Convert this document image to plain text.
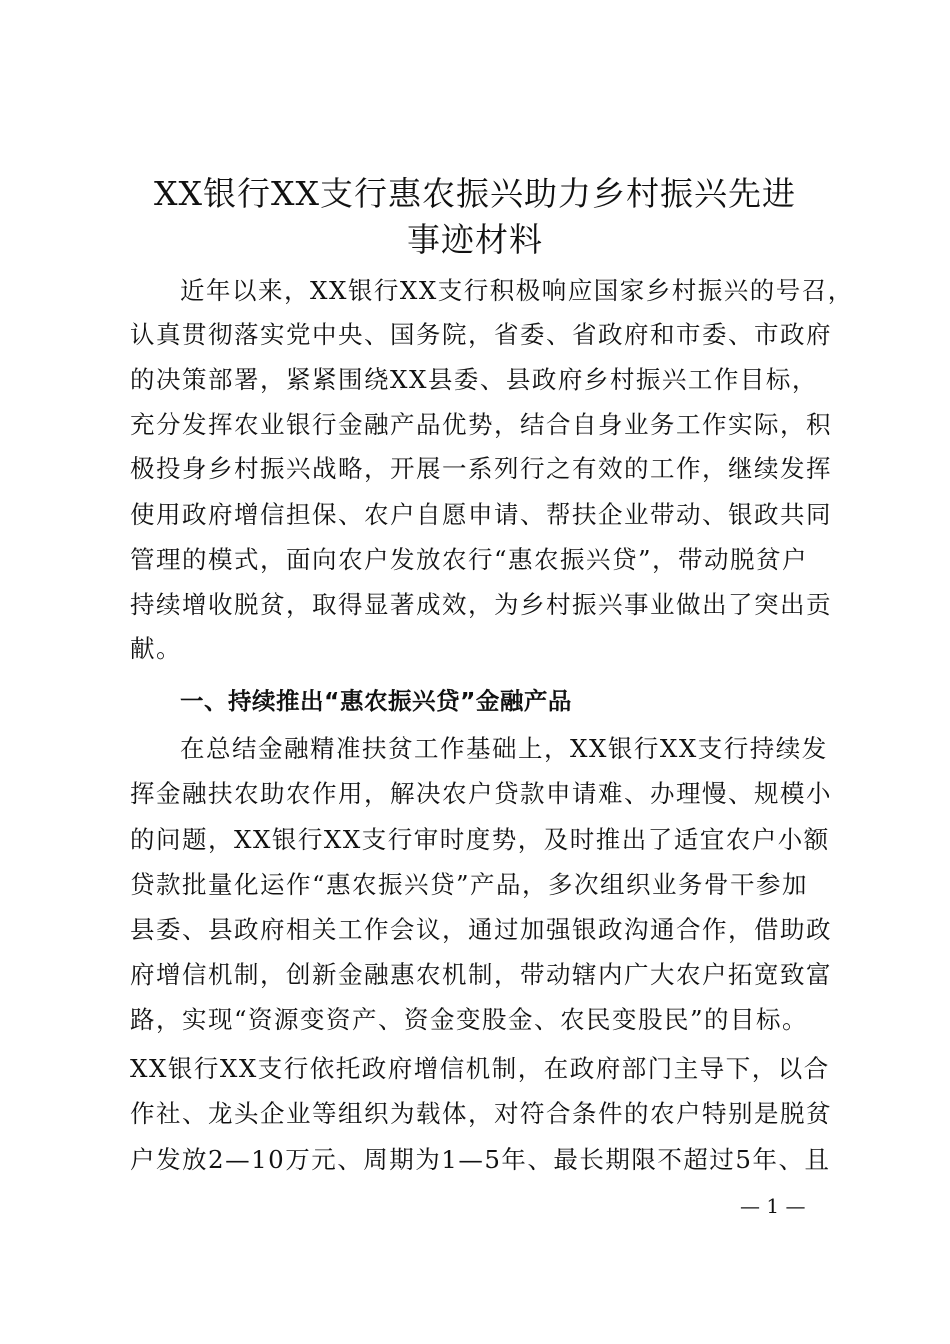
XX银行XX支行惠农振兴助力乡村振兴先进
事迹材料

近年以来，XX银行XX支行积极响应国家乡村振兴的号召，

认真贯彻落实党中央、国务院，省委、省政府和市委、市政府

的决策部署，紧紧围绕XX县委、县政府乡村振兴工作目标，

充分发挥农业银行金融产品优势，结合自身业务工作实际，积

极投身乡村振兴战略，开展一系列行之有效的工作，继续发挥

使用政府增信担保、农户自愿申请、帮扶企业带动、银政共同

管理的模式，面向农户发放农行“惠农振兴贷”，带动脱贫户

持续增收脱贫，取得显著成效，为乡村振兴事业做出了突出贡

献。

一、持续推出“惠农振兴贷”金融产品

在总结金融精准扶贫工作基础上，XX银行XX支行持续发

挥金融扶农助农作用，解决农户贷款申请难、办理慢、规模小

的问题，XX银行XX支行审时度势，及时推出了适宜农户小额

贷款批量化运作“惠农振兴贷”产品，多次组织业务骨干参加

县委、县政府相关工作会议，通过加强银政沟通合作，借助政

府增信机制，创新金融惠农机制，带动辖内广大农户拓宽致富

路，实现“资源变资产、资金变股金、农民变股民”的目标。

XX银行XX支行依托政府增信机制，在政府部门主导下，以合

作社、龙头企业等组织为载体，对符合条件的农户特别是脱贫

户发放2—10万元、周期为1—5年、最长期限不超过5年、且

— 1 —
